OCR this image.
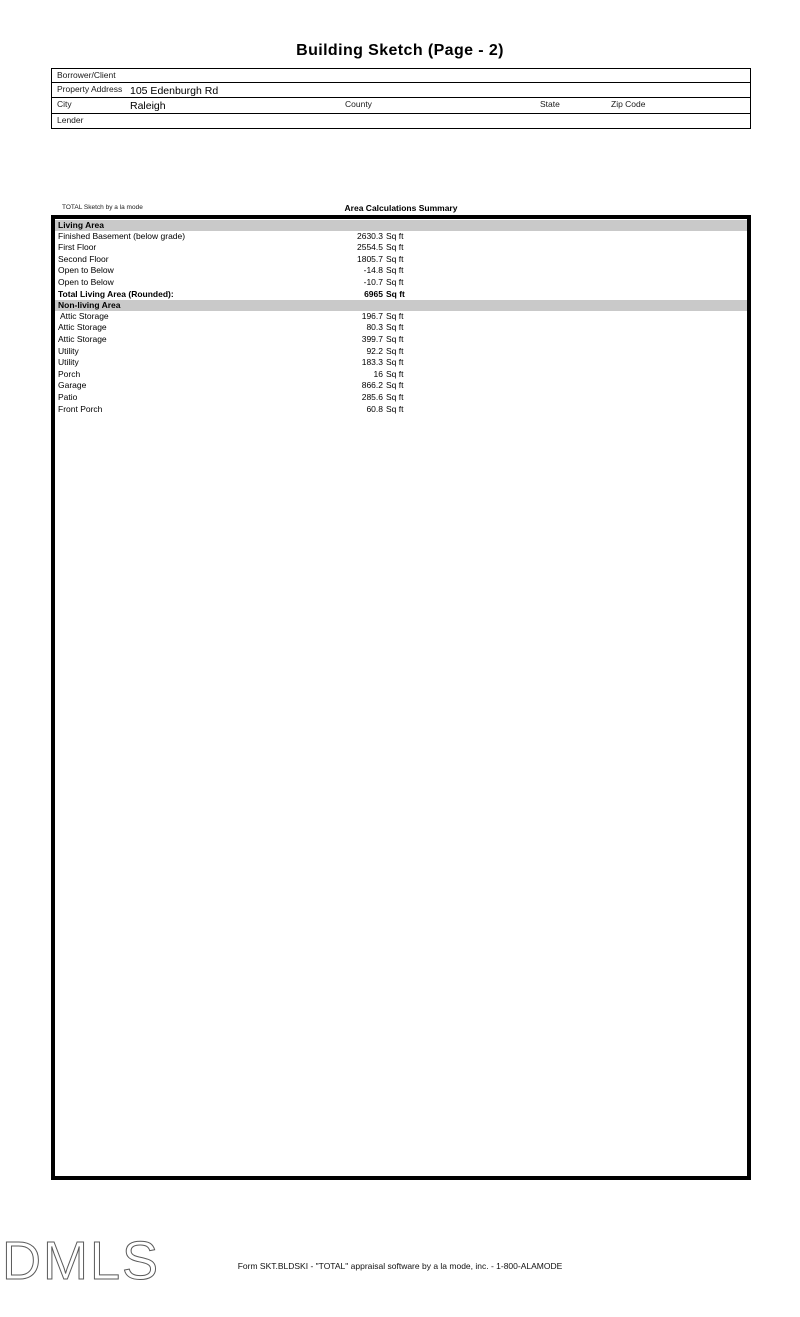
Building Sketch (Page - 2)
Borrower/Client
Property Address 105 Edenburgh Rd
City	Raleigh	County	State	Zip Code
Lender
TOTAL Sketch by a la mode	Area Calculations Summary
Living Area
Finished Basement (below grade)	2630.3 Sq ft
First Floor	2554.5 Sq ft
Second Floor	1805.7 Sq ft
Open to Below	-14.8 Sq ft
Open to Below	-10.7 Sq ft
Total Living Area (Rounded):	6965 Sq ft
Non-living Area
Attic Storage	196.7 Sq ft
Attic Storage	80.3 Sq ft
Attic Storage	399.7 Sq ft
Utility	92.2 Sq ft
Utility	183.3 Sq ft
Porch	16 Sq ft
Garage	866.2 Sq ft
Patio	285.6 Sq ft
Front Porch	60.8 Sq ft
DMLS	Form SKT.BLDSKI - "TOTAL" appraisal software by a la mode, inc. - 1-800-ALAMODE
